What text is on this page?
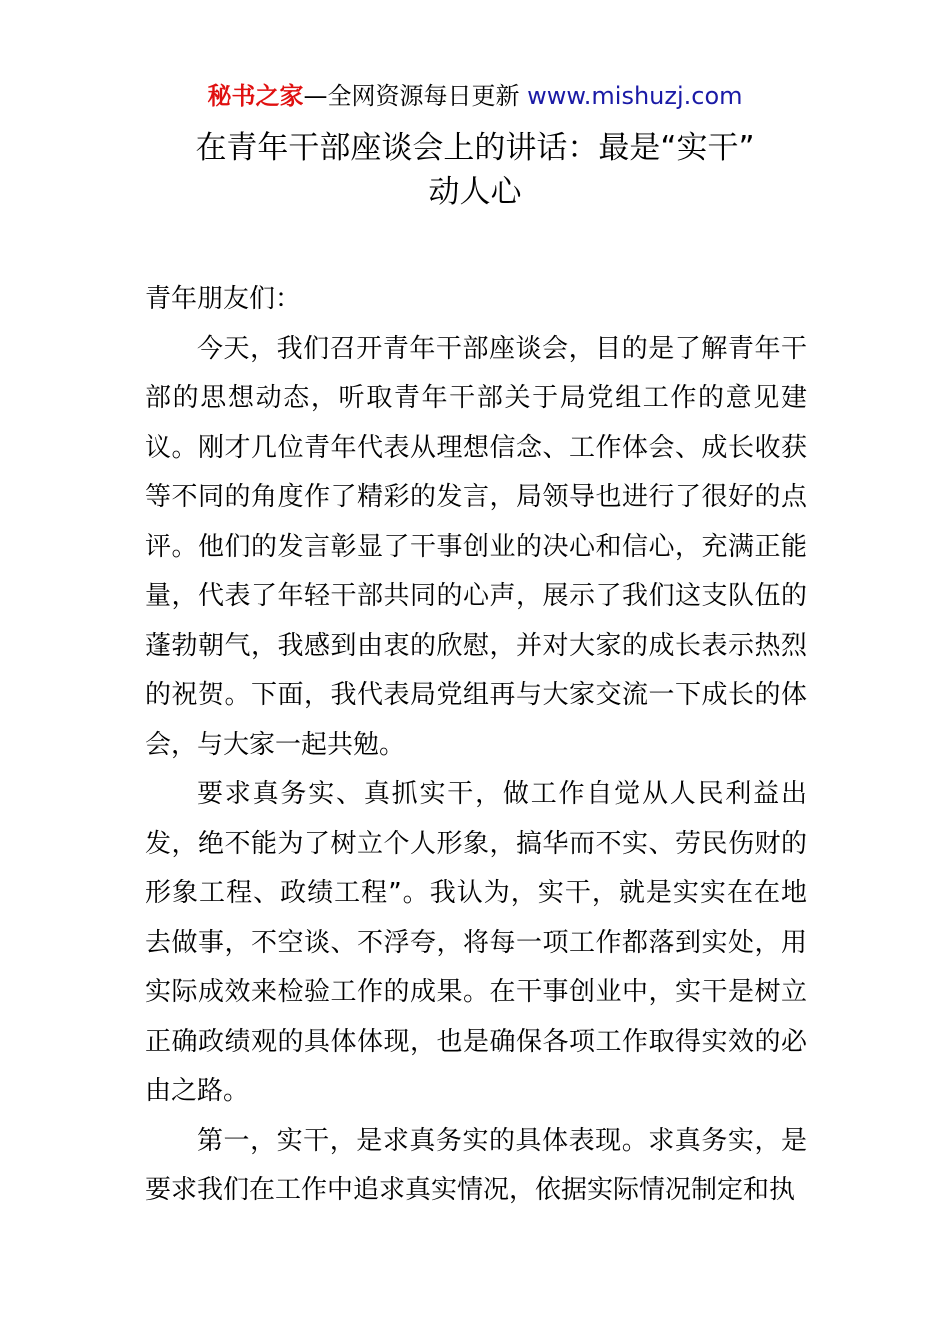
秘书之家—全网资源每日更新 www.mishuzj.com
在青年干部座谈会上的讲话：最是“实干”
动人心

青年朋友们：

今天，我们召开青年干部座谈会，目的是了解青年干部的思想动态，听取青年干部关于局党组工作的意见建议。刚才几位青年代表从理想信念、工作体会、成长收获等不同的角度作了精彩的发言，局领导也进行了很好的点评。他们的发言彰显了干事创业的决心和信心，充满正能量，代表了年轻干部共同的心声，展示了我们这支队伍的蓬勃朝气，我感到由衷的欣慰，并对大家的成长表示热烈的祝贺。下面，我代表局党组再与大家交流一下成长的体会，与大家一起共勉。

要求真务实、真抓实干，做工作自觉从人民利益出发，绝不能为了树立个人形象，搞华而不实、劳民伤财的形象工程、政绩工程”。我认为，实干，就是实实在在地去做事，不空谈、不浮夸，将每一项工作都落到实处，用实际成效来检验工作的成果。在干事创业中，实干是树立正确政绩观的具体体现，也是确保各项工作取得实效的必由之路。

第一，实干，是求真务实的具体表现。求真务实，是要求我们在工作中追求真实情况，依据实际情况制定和执
